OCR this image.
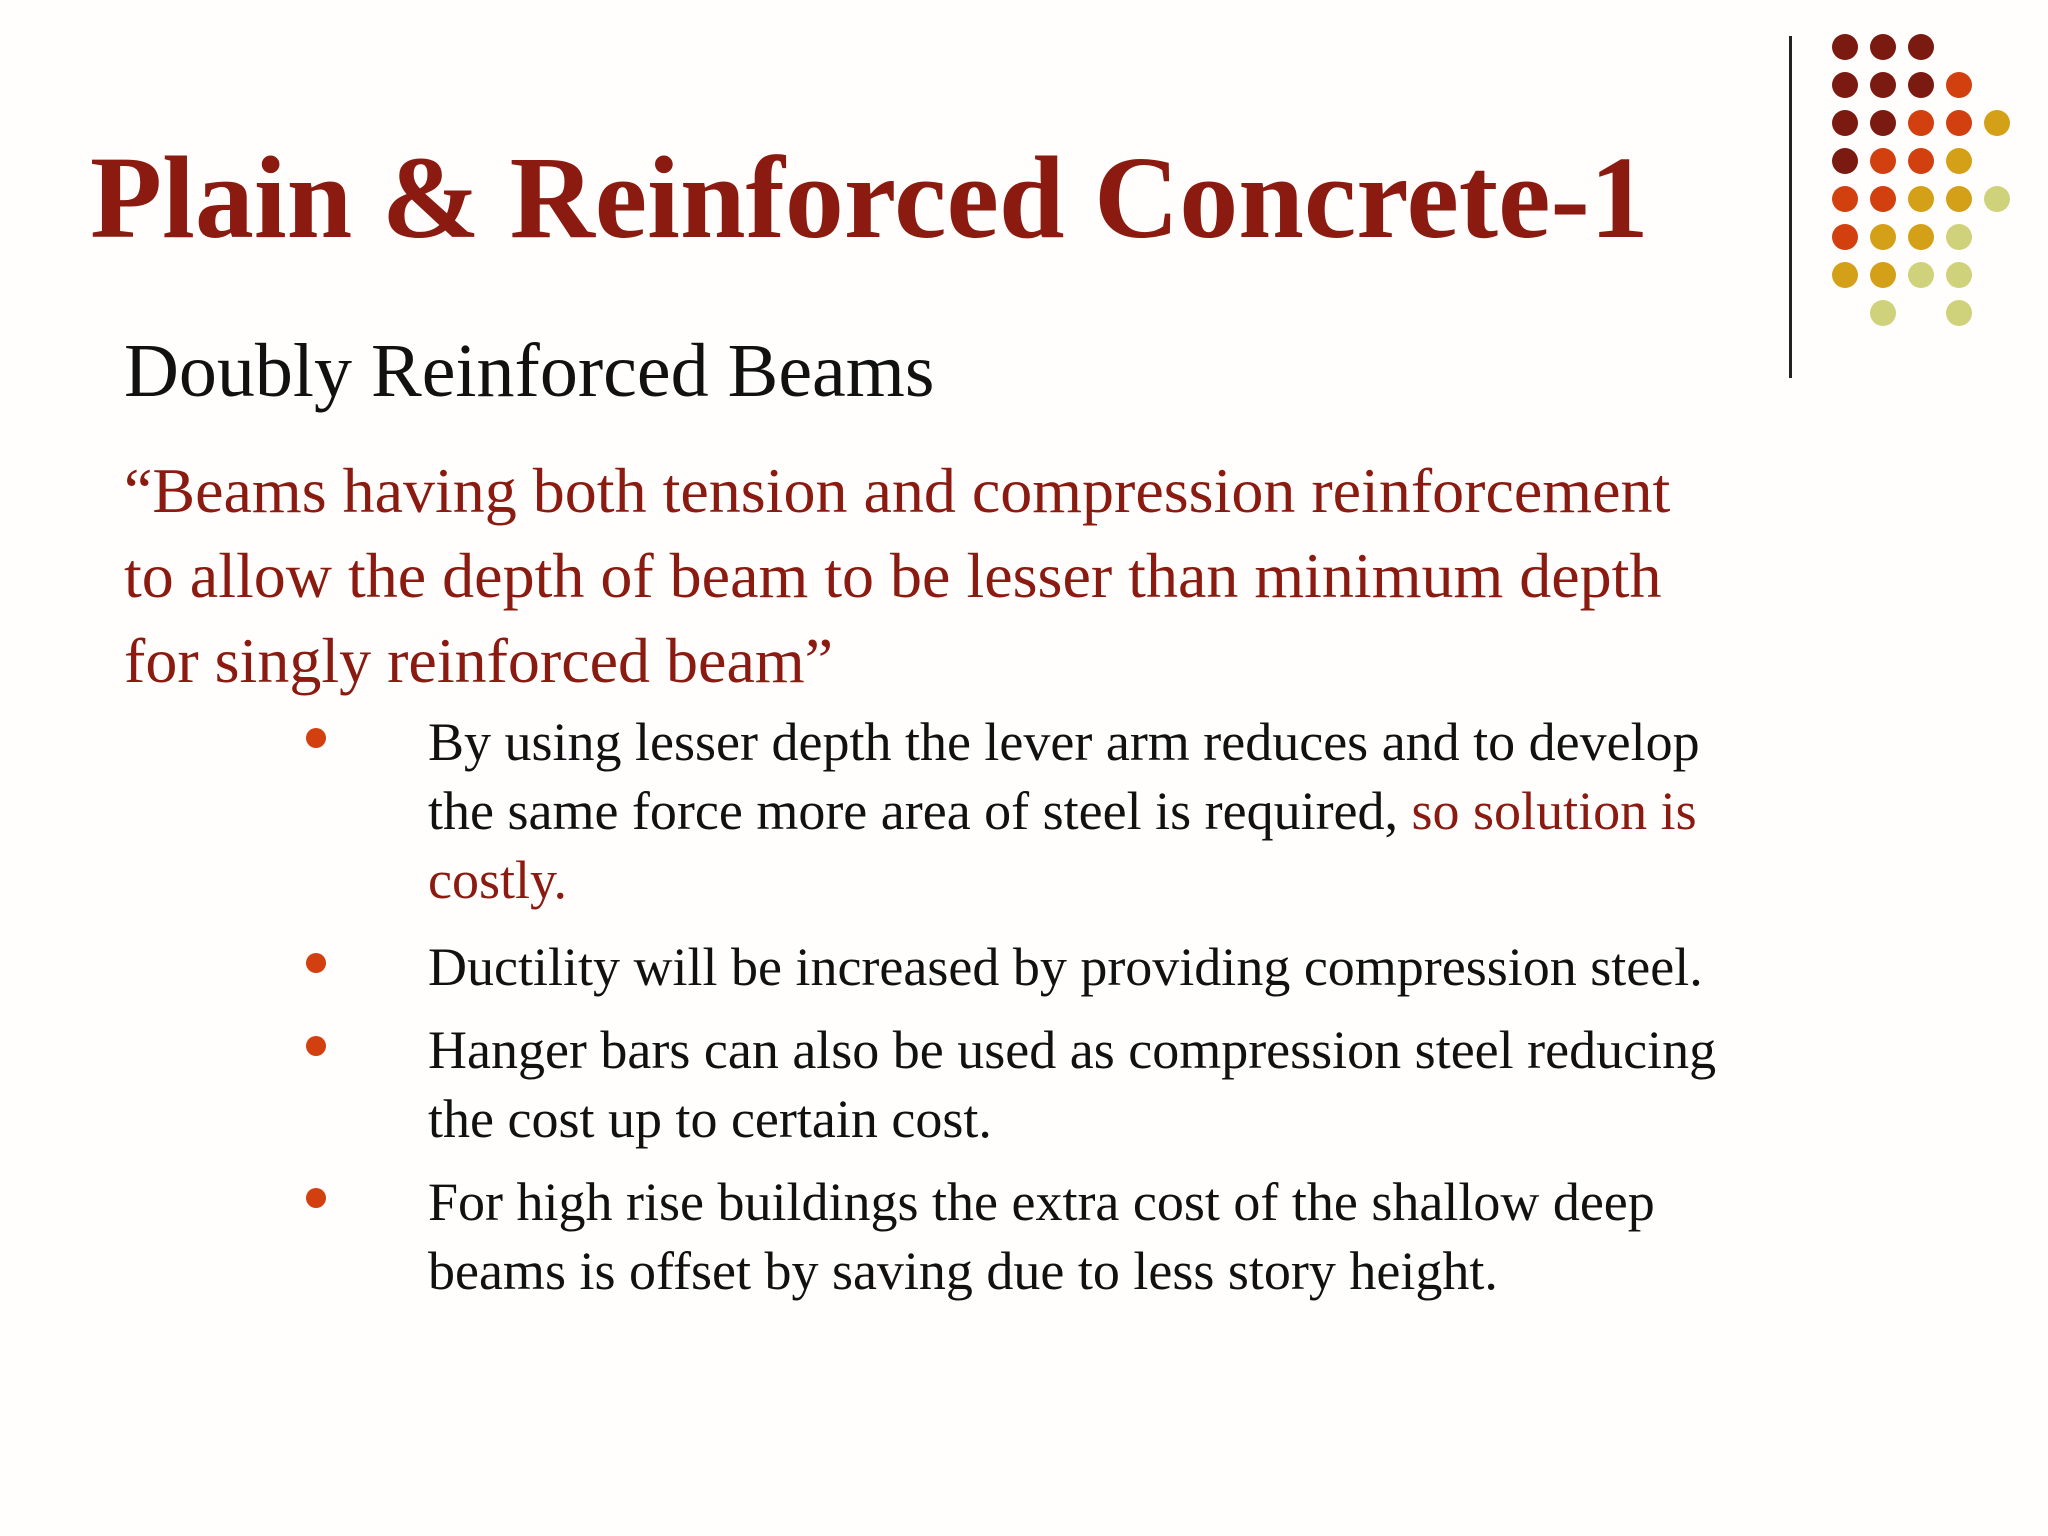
Plain & Reinforced Concrete-1
Doubly Reinforced Beams
“Beams having both tension and compression reinforcement
to allow the depth of beam to be lesser than minimum depth
for singly reinforced beam”
By using lesser depth the lever arm reduces and to develop
the same force more area of steel is required, so solution is
costly.
Ductility will be increased by providing compression steel.
Hanger bars can also be used as compression steel reducing
the cost up to certain cost.
For high rise buildings the extra cost of the shallow deep
beams is offset by saving due to less story height.
